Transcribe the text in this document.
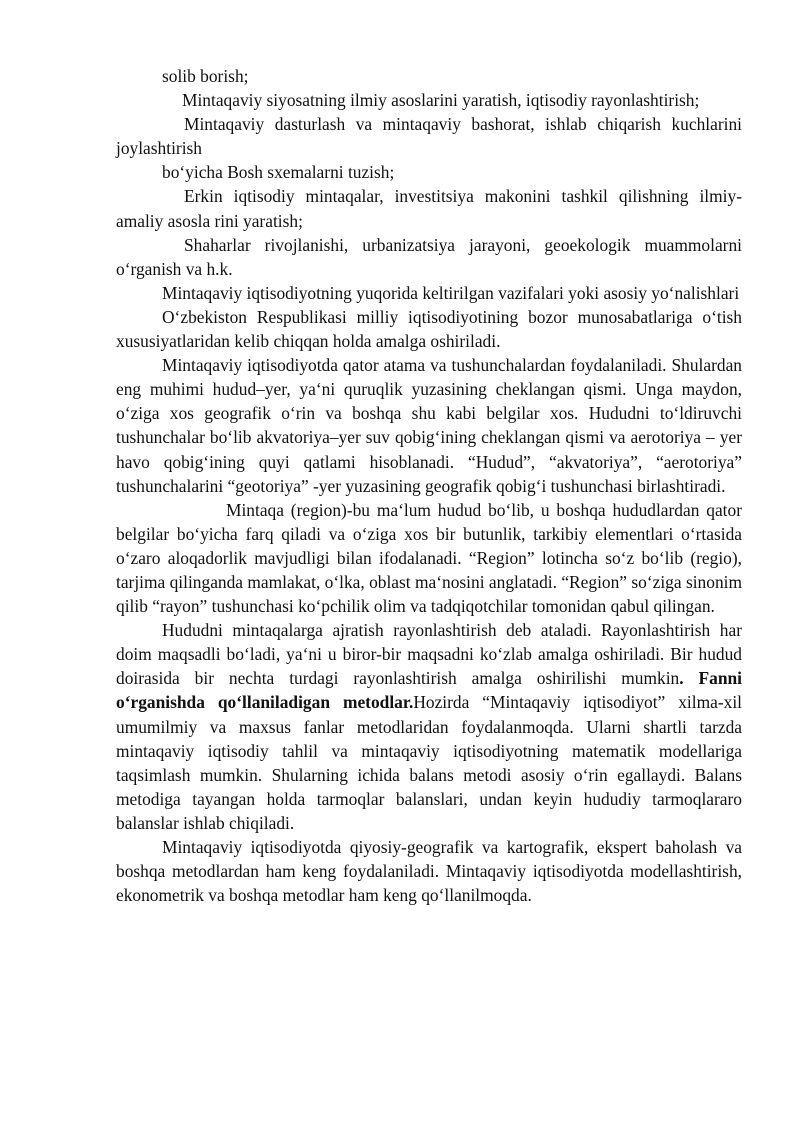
solib borish;

Mintaqaviy siyosatning ilmiy asoslarini yaratish, iqtisodiy rayonlashtirish;

Mintaqaviy dasturlash va mintaqaviy bashorat, ishlab chiqarish kuchlarini joylashtirish

bo‘yicha Bosh sxemalarni tuzish;

Erkin iqtisodiy mintaqalar, investitsiya makonini tashkil qilishning ilmiy-amaliy asosla rini yaratish;

Shaharlar rivojlanishi, urbanizatsiya jarayoni, geoekologik muammolarni o‘rganish va h.k.

Mintaqaviy iqtisodiyotning yuqorida keltirilgan vazifalari yoki asosiy yo‘nalishlari

O‘zbekiston Respublikasi milliy iqtisodiyotining bozor munosabatlariga o‘tish xususiyatlaridan kelib chiqqan holda amalga oshiriladi.

Mintaqaviy iqtisodiyotda qator atama va tushunchalardan foydalaniladi. Shulardan eng muhimi hudud–yer, ya‘ni quruqlik yuzasining cheklangan qismi. Unga maydon, o‘ziga xos geografik o‘rin va boshqa shu kabi belgilar xos. Hududni to‘ldiruvchi tushunchalar bo‘lib akvatoriya–yer suv qobig‘ining cheklangan qismi va aerotoriya – yer havo qobig‘ining quyi qatlami hisoblanadi. “Hudud”, “akvatoriya”, “aerotoriya” tushunchalarini “geotoriya” -yer yuzasining geografik qobig‘i tushunchasi birlashtiradi.

Mintaqa (region)-bu ma‘lum hudud bo‘lib, u boshqa hududlardan qator belgilar bo‘yicha farq qiladi va o‘ziga xos bir butunlik, tarkibiy elementlari o‘rtasida o‘zaro aloqadorlik mavjudligi bilan ifodalanadi. “Region” lotincha so‘z bo‘lib (regio), tarjima qilinganda mamlakat, o‘lka, oblast ma‘nosini anglatadi. “Region” so‘ziga sinonim qilib “rayon” tushunchasi ko‘pchilik olim va tadqiqotchilar tomonidan qabul qilingan.

Hududni mintaqalarga ajratish rayonlashtirish deb ataladi. Rayonlashtirish har doim maqsadli bo‘ladi, ya‘ni u biror-bir maqsadni ko‘zlab amalga oshiriladi. Bir hudud doirasida bir nechta turdagi rayonlashtirish amalga oshirilishi mumkin. Fanni o‘rganishda qo‘llaniladigan metodlar.Hozirda “Mintaqaviy iqtisodiyot” xilma-xil umumilmiy va maxsus fanlar metodlaridan foydalanmoqda. Ularni shartli tarzda mintaqaviy iqtisodiy tahlil va mintaqaviy iqtisodiyotning matematik modellariga taqsimlash mumkin. Shularning ichida balans metodi asosiy o‘rin egallaydi. Balans metodiga tayangan holda tarmoqlar balanslari, undan keyin hududiy tarmoqlararo balanslar ishlab chiqiladi.

Mintaqaviy iqtisodiyotda qiyosiy-geografik va kartografik, ekspert baholash va boshqa metodlardan ham keng foydalaniladi. Mintaqaviy iqtisodiyotda modellashtirish, ekonometrik va boshqa metodlar ham keng qo‘llanilmoqda.
